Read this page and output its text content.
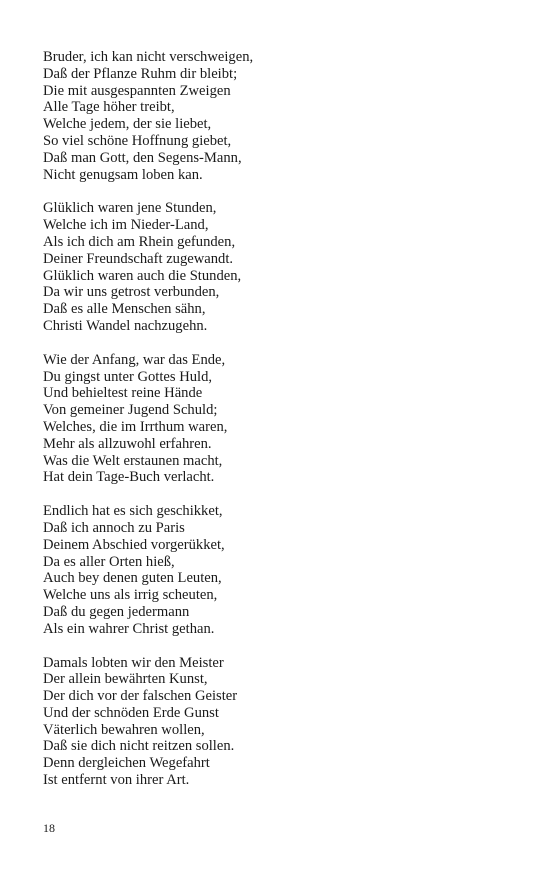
Bruder, ich kan nicht verschweigen,
Daß der Pflanze Ruhm dir bleibt;
Die mit ausgespannten Zweigen
Alle Tage höher treibt,
Welche jedem, der sie liebet,
So viel schöne Hoffnung giebet,
Daß man Gott, den Segens-Mann,
Nicht genugsam loben kan.
Glüklich waren jene Stunden,
Welche ich im Nieder-Land,
Als ich dich am Rhein gefunden,
Deiner Freundschaft zugewandt.
Glüklich waren auch die Stunden,
Da wir uns getrost verbunden,
Daß es alle Menschen sähn,
Christi Wandel nachzugehn.
Wie der Anfang, war das Ende,
Du gingst unter Gottes Huld,
Und behieltest reine Hände
Von gemeiner Jugend Schuld;
Welches, die im Irrthum waren,
Mehr als allzuwohl erfahren.
Was die Welt erstaunen macht,
Hat dein Tage-Buch verlacht.
Endlich hat es sich geschikket,
Daß ich annoch zu Paris
Deinem Abschied vorgerükket,
Da es aller Orten hieß,
Auch bey denen guten Leuten,
Welche uns als irrig scheuten,
Daß du gegen jedermann
Als ein wahrer Christ gethan.
Damals lobten wir den Meister
Der allein bewährten Kunst,
Der dich vor der falschen Geister
Und der schnöden Erde Gunst
Väterlich bewahren wollen,
Daß sie dich nicht reitzen sollen.
Denn dergleichen Wegefahrt
Ist entfernt von ihrer Art.
18
